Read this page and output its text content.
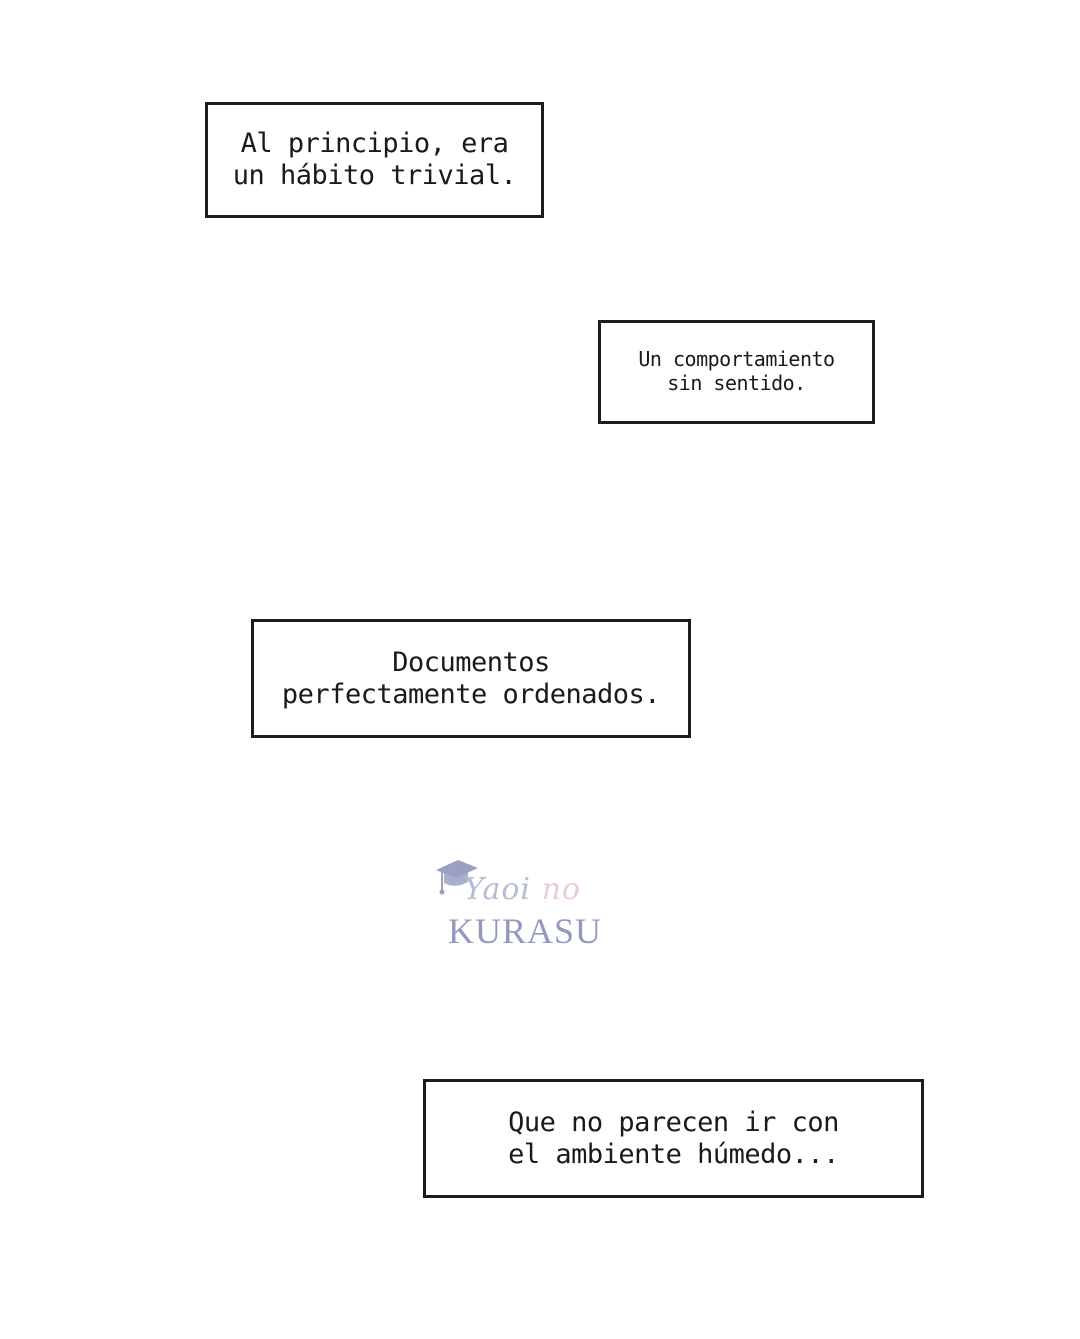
Al principio, era
un hábito trivial.
Un comportamiento
sin sentido.
Documentos
perfectamente ordenados.
Yaoi no
KURASU
Que no parecen ir con
el ambiente húmedo...
